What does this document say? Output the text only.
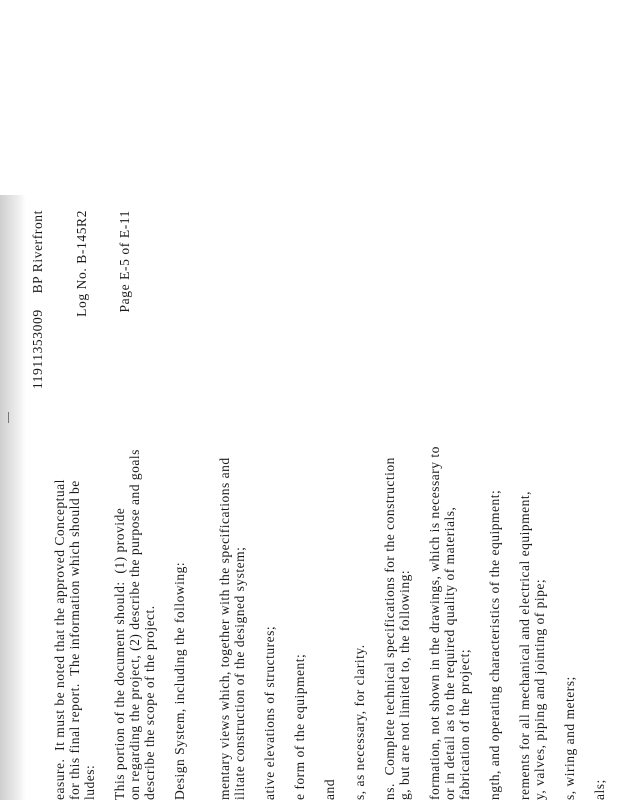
11911353009    BP Riverfront

Log No. B-145R2

Page E-5 of E-11

easure.  It must be noted that the approved Conceptual

for this final report.  The information which should be

ludes:

This portion of the document should:  (1) provide

on regarding the project, (2) describe the purpose and goals

describe the scope of the project.

Design System, including the following:

mentary views which, together with the specifications and

ilitate construction of the designed system;

ative elevations of structures;

e form of the equipment;

and

s, as necessary, for clarity.

ns.  Complete technical specifications for the construction

g, but are not limited to, the following:

formation, not shown in the drawings, which is necessary to

or in detail as to the required quality of materials,

fabrication of the project;

ngth, and operating characteristics of the equipment;

rements for all mechanical and electrical equipment,

y, valves, piping and jointing of pipe;

s, wiring and meters;

als;
